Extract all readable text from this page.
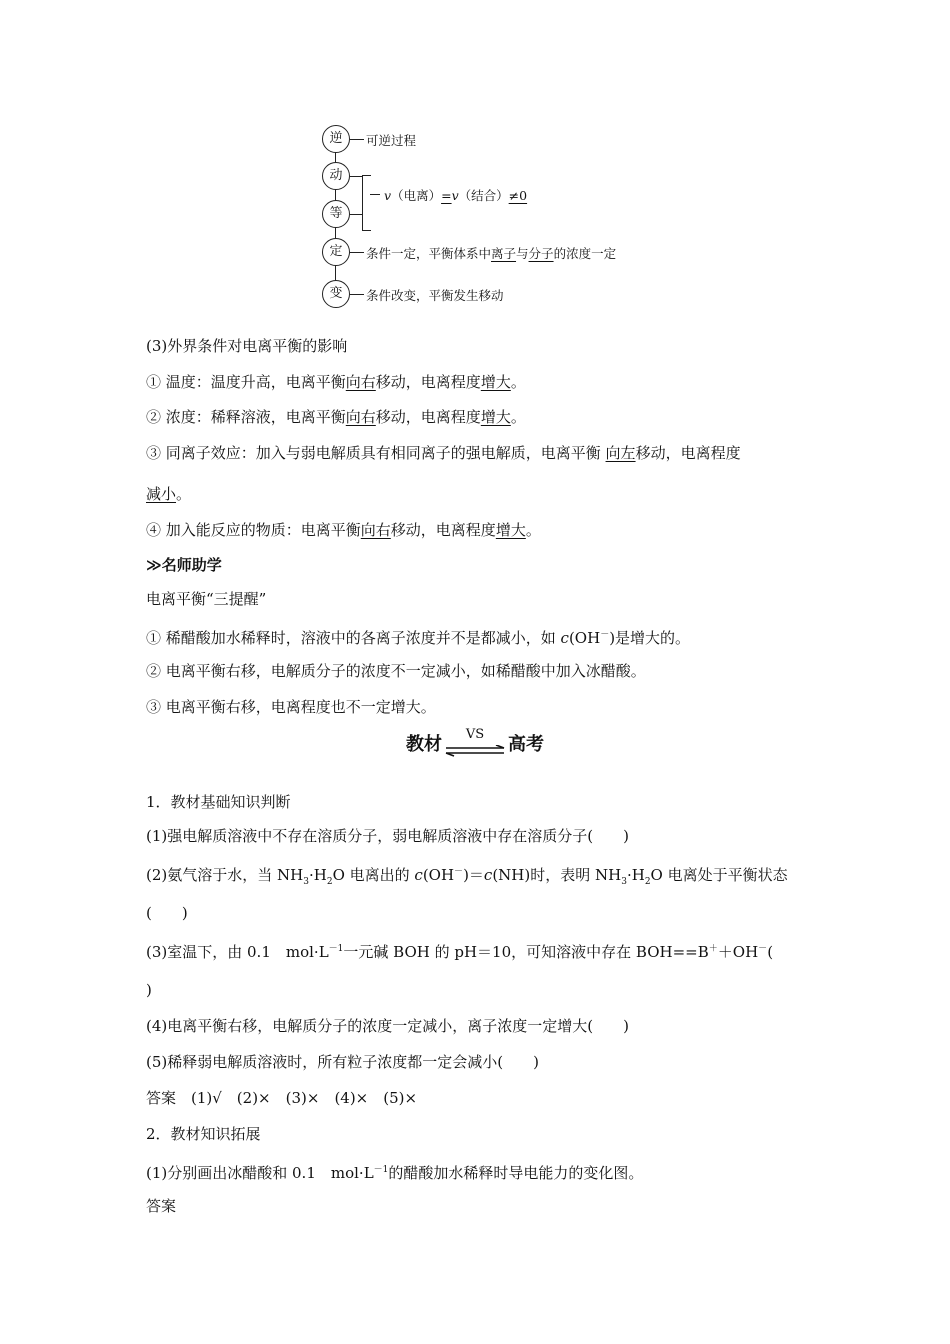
逆	可逆过程
动
等
v（电离）=v（结合）≠0
定	条件一定，平衡体系中离子与分子的浓度一定
变	条件改变，平衡发生移动
(3)外界条件对电离平衡的影响
① 温度：温度升高，电离平衡向右移动，电离程度增大。
② 浓度：稀释溶液，电离平衡向右移动，电离程度增大。
③ 同离子效应：加入与弱电解质具有相同离子的强电解质，电离平衡 向左移动，电离程度
减小。
④ 加入能反应的物质：电离平衡向右移动，电离程度增大。
≫名师助学
电离平衡“三提醒”
① 稀醋酸加水稀释时，溶液中的各离子浓度并不是都减小，如 c(OH－)是增大的。
② 电离平衡右移，电解质分子的浓度不一定减小，如稀醋酸中加入冰醋酸。
③ 电离平衡右移，电离程度也不一定增大。
教材	VS	高考
1．教材基础知识判断
(1)强电解质溶液中不存在溶质分子，弱电解质溶液中存在溶质分子(　　)
(2)氨气溶于水，当 $NH_3\cdot H_2O$ 电离出的 c(OH－)＝c(NH)时，表明 $NH_3\cdot H_2O$ 电离处于平衡状态
(　　)
(3)室温下，由 0.1　$mol\cdot L^{-1}$一元碱 BOH 的 pH＝10，可知溶液中存在 BOH==B＋＋OH－(
)
(4)电离平衡右移，电解质分子的浓度一定减小，离子浓度一定增大(　　)
(5)稀释弱电解质溶液时，所有粒子浓度都一定会减小(　　)
答案　(1)√　(2)×　(3)×　(4)×　(5)×
2．教材知识拓展
(1)分别画出冰醋酸和 0.1　$mol\cdot L^{-1}$的醋酸加水稀释时导电能力的变化图。
答案
